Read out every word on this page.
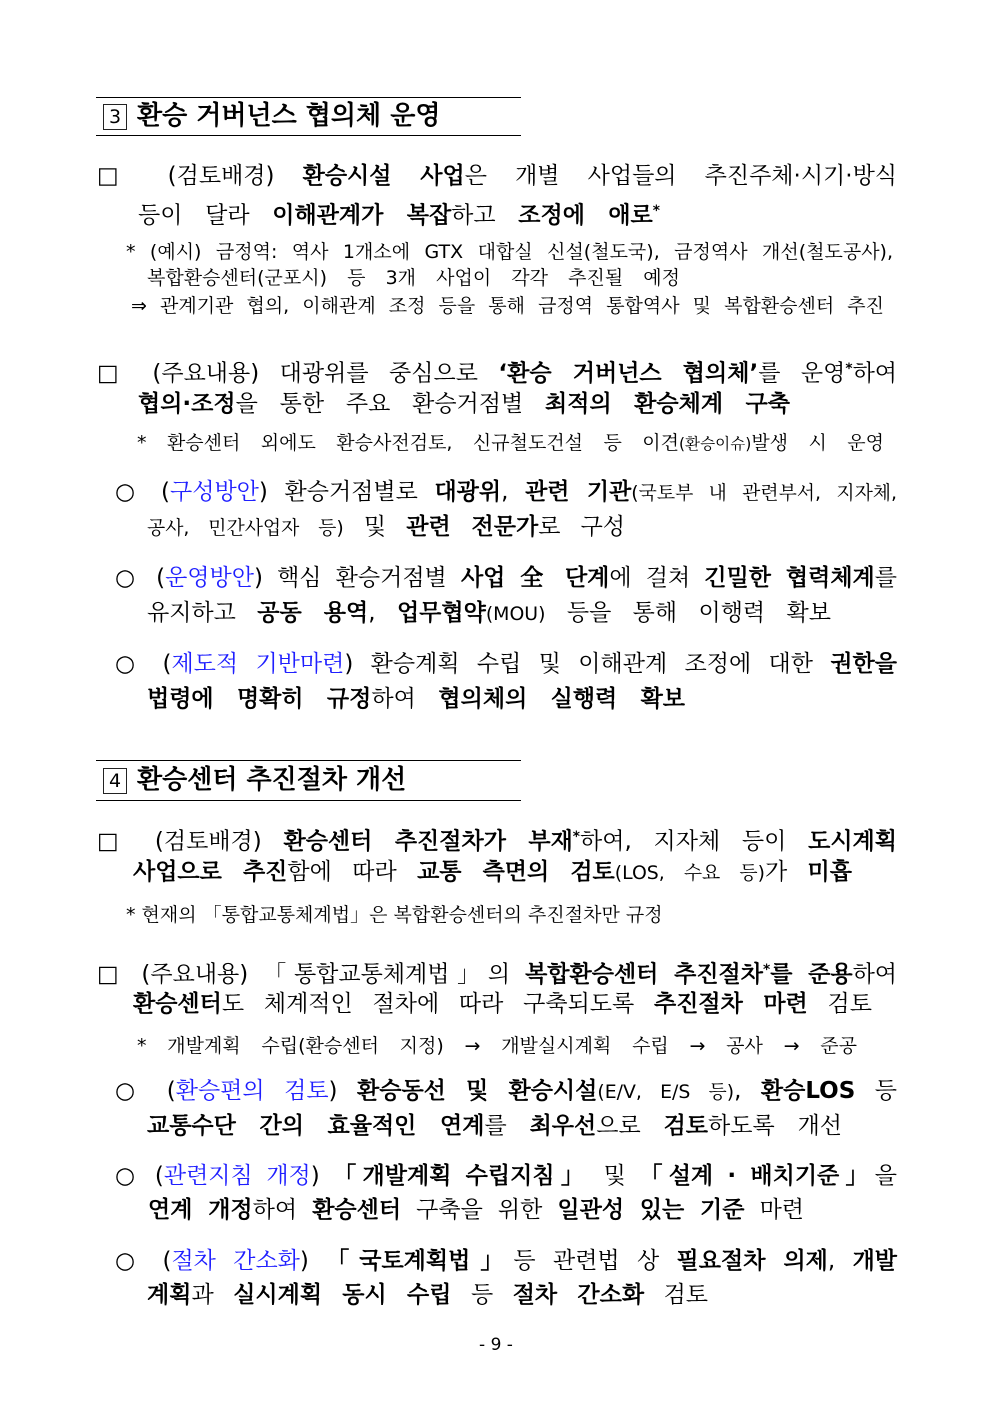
3 환승 거버넌스 협의체 운영
□ (검토배경) 환승시설 사업은 개별 사업들의 추진주체·시기·방식
등이 달라 이해관계가 복잡하고 조정에 애로*
* (예시) 금정역: 역사 1개소에 GTX 대합실 신설(철도국), 금정역사 개선(철도공사),
복합환승센터(군포시) 등 3개 사업이 각각 추진될 예정
⇒ 관계기관 협의, 이해관계 조정 등을 통해 금정역 통합역사 및 복합환승센터 추진
□ (주요내용) 대광위를 중심으로 ‘환승 거버넌스 협의체’를 운영*하여
협의·조정을 통한 주요 환승거점별 최적의 환승체계 구축
* 환승센터 외에도 환승사전검토, 신규철도건설 등 이견(환승이슈)발생 시 운영
○ (구성방안) 환승거점별로 대광위, 관련 기관(국토부 내 관련부서, 지자체,
공사, 민간사업자 등) 및 관련 전문가로 구성
○ (운영방안) 핵심 환승거점별 사업 全 단계에 걸쳐 긴밀한 협력체계를
유지하고 공동 용역, 업무협약(MOU) 등을 통해 이행력 확보
○ (제도적 기반마련) 환승계획 수립 및 이해관계 조정에 대한 권한을
법령에 명확히 규정하여 협의체의 실행력 확보
4 환승센터 추진절차 개선
□ (검토배경) 환승센터 추진절차가 부재*하여, 지자체 등이 도시계획
사업으로 추진함에 따라 교통 측면의 검토(LOS, 수요 등)가 미흡
* 현재의 「통합교통체계법」은 복합환승센터의 추진절차만 규정
□ (주요내용) 「통합교통체계법」의 복합환승센터 추진절차*를 준용하여
환승센터도 체계적인 절차에 따라 구축되도록 추진절차 마련 검토
* 개발계획 수립(환승센터 지정) → 개발실시계획 수립 → 공사 → 준공
○ (환승편의 검토) 환승동선 및 환승시설(E/V, E/S 등), 환승LOS 등
교통수단 간의 효율적인 연계를 최우선으로 검토하도록 개선
○ (관련지침 개정) 「개발계획 수립지침」 및 「설계 · 배치기준」을
연계 개정하여 환승센터 구축을 위한 일관성 있는 기준 마련
○ (절차 간소화) 「국토계획법」등 관련법 상 필요절차 의제, 개발
계획과 실시계획 동시 수립 등 절차 간소화 검토
- 9 -
